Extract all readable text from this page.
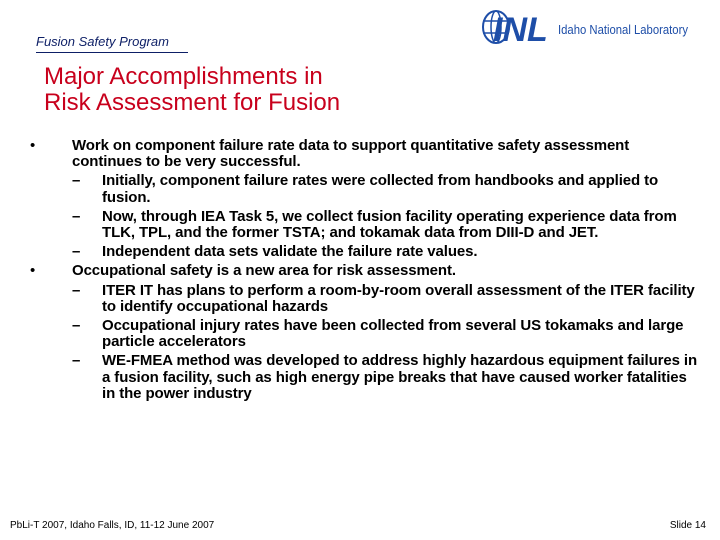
Fusion Safety Program	INL Idaho National Laboratory
Major Accomplishments in
Risk Assessment for Fusion
• Work on component failure rate data to support quantitative safety assessment continues to be very successful.
– Initially, component failure rates were collected from handbooks and applied to fusion.
– Now, through IEA Task 5, we collect fusion facility operating experience data from TLK, TPL, and the former TSTA; and tokamak data from DIII-D and JET.
– Independent data sets validate the failure rate values.
• Occupational safety is a new area for risk assessment.
– ITER IT has plans to perform a room-by-room overall assessment of the ITER facility to identify occupational hazards
– Occupational injury rates have been collected from several US tokamaks and large particle accelerators
– WE-FMEA method was developed to address highly hazardous equipment failures in a fusion facility, such as high energy pipe breaks that have caused worker fatalities in the power industry
PbLi-T 2007, Idaho Falls, ID, 11-12 June 2007	Slide 14
